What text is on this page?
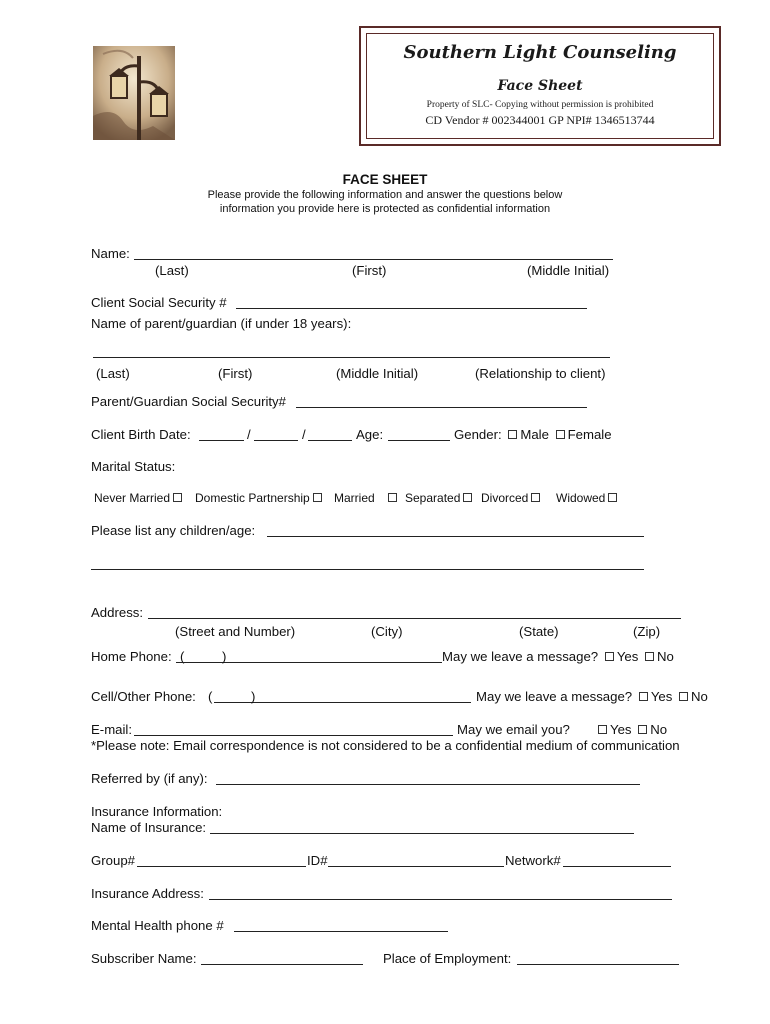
Southern Light Counseling
Face Sheet
Property of SLC- Copying without permission is prohibited
CD Vendor # 002344001 GP NPI# 1346513744
FACE SHEET
Please provide the following information and answer the questions below
information you provide here is protected as confidential information
Name:
(Last)	(First)	(Middle Initial)
Client Social Security #
Name of parent/guardian (if under 18 years):
(Last)	(First)	(Middle Initial)	(Relationship to client)
Parent/Guardian Social Security#
Client Birth Date:	/	/	Age:	Gender: Male Female
Marital Status:
Never Married	Domestic Partnership	Married	Separated	Divorced	Widowed
Please list any children/age:
Address:
(Street and Number)	(City)	(State)	(Zip)
Home Phone: (	)	May we leave a message? Yes No
Cell/Other Phone: (	)	May we leave a message? Yes No
E-mail:	May we email you?	Yes No
*Please note: Email correspondence is not considered to be a confidential medium of communication
Referred by (if any):
Insurance Information:
Name of Insurance:
Group#	ID#	Network#
Insurance Address:
Mental Health phone #
Subscriber Name:	Place of Employment:
